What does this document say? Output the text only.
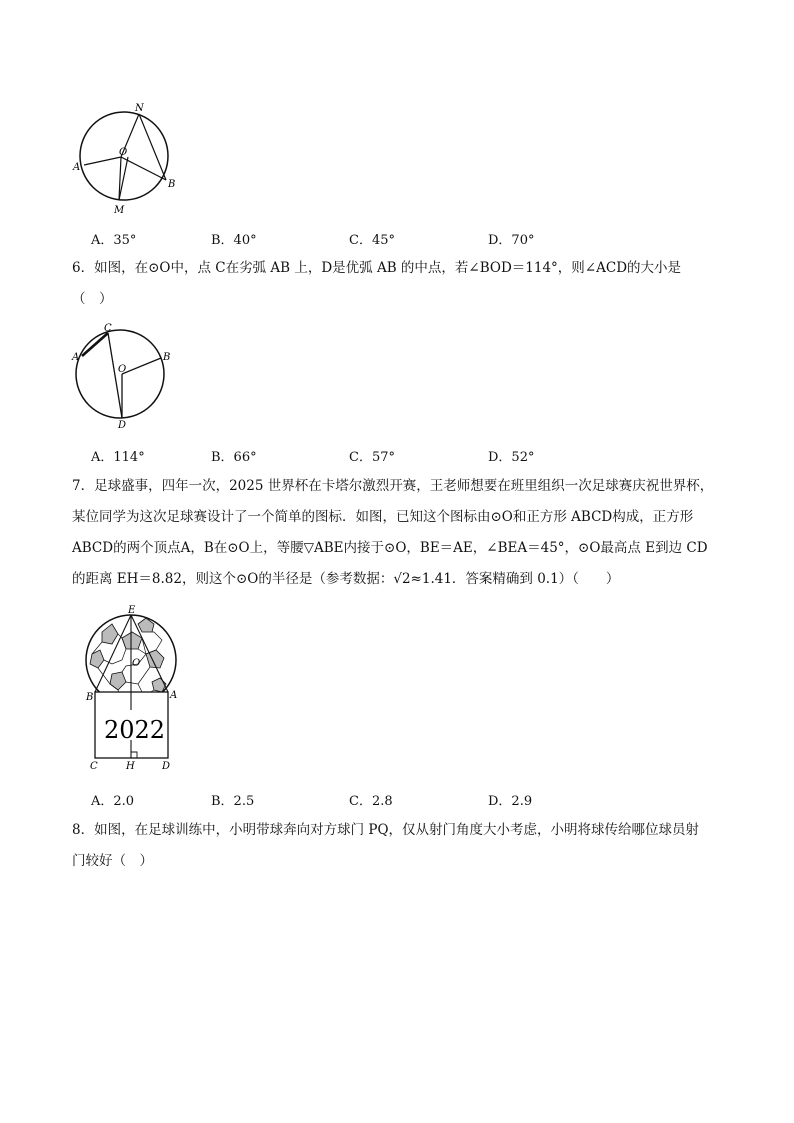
N
O
A
B
M
A．35°	B．40°	C．45°	D．70°
6．如图，在⊙O中，点 C在劣弧 AB 上，D是优弧 AB 的中点，若∠BOD＝114°，则∠ACD的大小是
（　）
C
A	B
O
D
A．114°	B．66°	C．57°	D．52°
7．足球盛事，四年一次，2025 世界杯在卡塔尔激烈开赛，王老师想要在班里组织一次足球赛庆祝世界杯，
某位同学为这次足球赛设计了一个简单的图标．如图，已知这个图标由⊙O和正方形 ABCD构成，正方形
ABCD的两个顶点A，B在⊙O上，等腰▽ABE内接于⊙O，BE＝AE，∠BEA＝45°，⊙O最高点 E到边 CD
的距离 EH＝8.82，则这个⊙O的半径是（参考数据：√2≈1.41．答案精确到 0.1）（　　）
2022
E
O
B	A
C	H	D
A．2.0	B．2.5	C．2.8	D．2.9
8．如图，在足球训练中，小明带球奔向对方球门 PQ，仅从射门角度大小考虑，小明将球传给哪位球员射
门较好（　）
